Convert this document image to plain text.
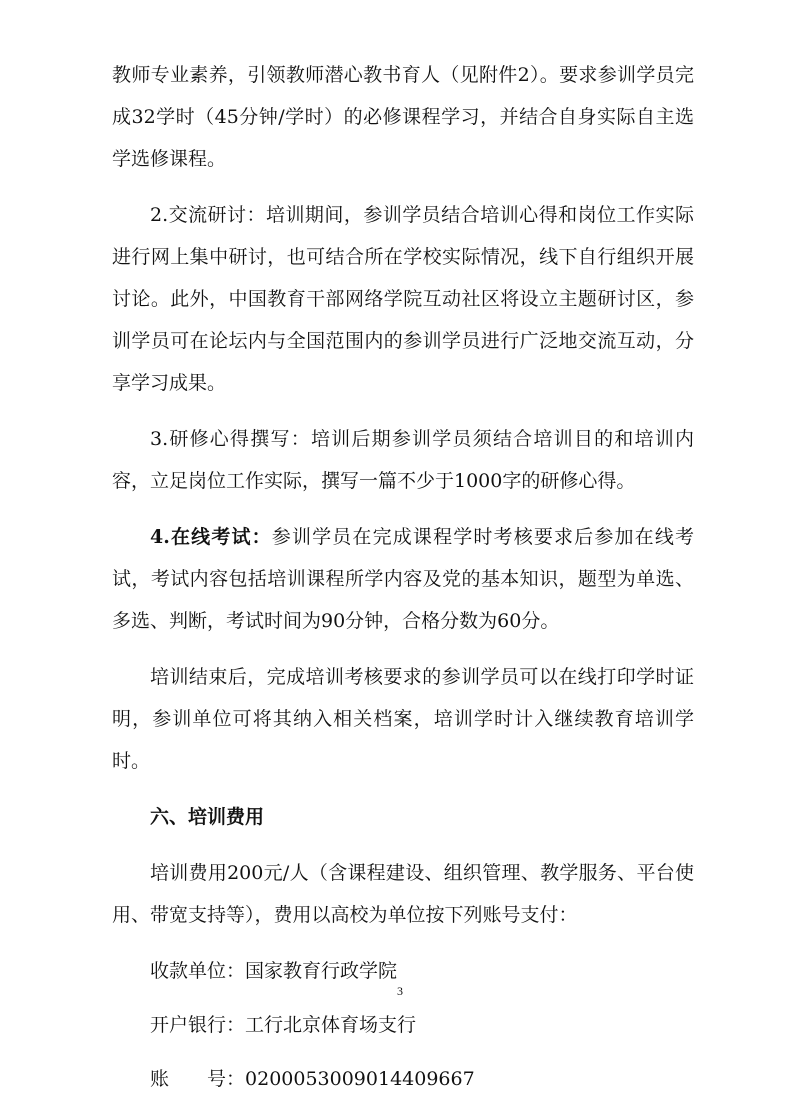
教师专业素养，引领教师潜心教书育人（见附件2）。要求参训学员完成32学时（45分钟/学时）的必修课程学习，并结合自身实际自主选学选修课程。

2.交流研讨：培训期间，参训学员结合培训心得和岗位工作实际进行网上集中研讨，也可结合所在学校实际情况，线下自行组织开展讨论。此外，中国教育干部网络学院互动社区将设立主题研讨区，参训学员可在论坛内与全国范围内的参训学员进行广泛地交流互动，分享学习成果。

3.研修心得撰写：培训后期参训学员须结合培训目的和培训内容，立足岗位工作实际，撰写一篇不少于1000字的研修心得。

4.在线考试：参训学员在完成课程学时考核要求后参加在线考试，考试内容包括培训课程所学内容及党的基本知识，题型为单选、多选、判断，考试时间为90分钟，合格分数为60分。

培训结束后，完成培训考核要求的参训学员可以在线打印学时证明，参训单位可将其纳入相关档案，培训学时计入继续教育培训学时。

六、培训费用

培训费用200元/人（含课程建设、组织管理、教学服务、平台使用、带宽支持等），费用以高校为单位按下列账号支付：

收款单位：国家教育行政学院
开户银行：工行北京体育场支行
账　　号：0200053009014409667
3
